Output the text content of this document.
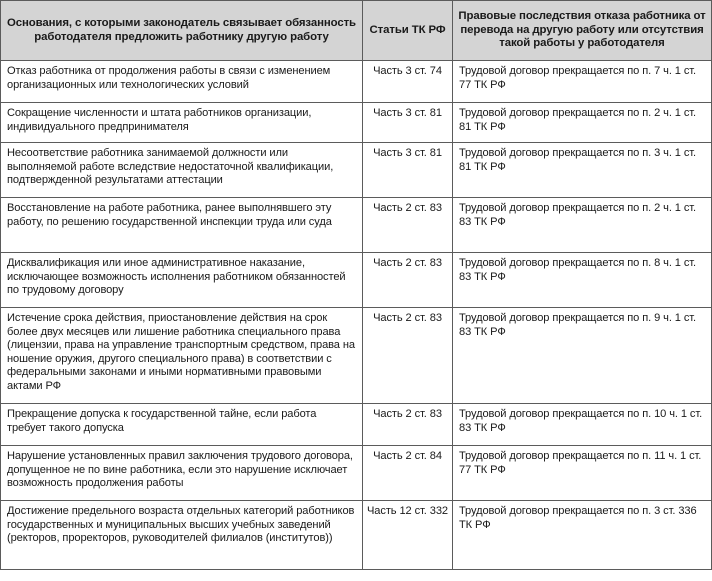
Основания, с которыми законодатель связывает обязанность работодателя предложить работнику другую работу	Статьи ТК РФ	Правовые последствия отказа работника от перевода на другую работу или отсутствия такой работы у работодателя
Отказ работника от продолжения работы в связи с изменением организационных или технологических условий	Часть 3 ст. 74	Трудовой договор прекращается по п. 7 ч. 1 ст. 77 ТК РФ
Сокращение численности и штата работников организации, индивидуального предпринимателя	Часть 3 ст. 81	Трудовой договор прекращается по п. 2 ч. 1 ст. 81 ТК РФ
Несоответствие работника занимаемой должности или выполняемой работе вследствие недостаточной квалификации, подтвержденной результатами аттестации	Часть 3 ст. 81	Трудовой договор прекращается по п. 3 ч. 1 ст. 81 ТК РФ
Восстановление на работе работника, ранее выполнявшего эту работу, по решению государственной инспекции труда или суда	Часть 2 ст. 83	Трудовой договор прекращается по п. 2 ч. 1 ст. 83 ТК РФ
Дисквалификация или иное административное наказание, исключающее возможность исполнения работником обязанностей по трудовому договору	Часть 2 ст. 83	Трудовой договор прекращается по п. 8 ч. 1 ст. 83 ТК РФ
Истечение срока действия, приостановление действия на срок более двух месяцев или лишение работника специального права (лицензии, права на управление транспортным средством, права на ношение оружия, другого специального права) в соответствии с федеральными законами и иными нормативными правовыми актами РФ	Часть 2 ст. 83	Трудовой договор прекращается по п. 9 ч. 1 ст. 83 ТК РФ
Прекращение допуска к государственной тайне, если работа требует такого допуска	Часть 2 ст. 83	Трудовой договор прекращается по п. 10 ч. 1 ст. 83 ТК РФ
Нарушение установленных правил заключения трудового договора, допущенное не по вине работника, если это нарушение исключает возможность продолжения работы	Часть 2 ст. 84	Трудовой договор прекращается по п. 11 ч. 1 ст. 77 ТК РФ
Достижение предельного возраста отдельных категорий работников государственных и муниципальных высших учебных заведений (ректоров, проректоров, руководителей филиалов (институтов))	Часть 12 ст. 332	Трудовой договор прекращается по п. 3 ст. 336 ТК РФ
